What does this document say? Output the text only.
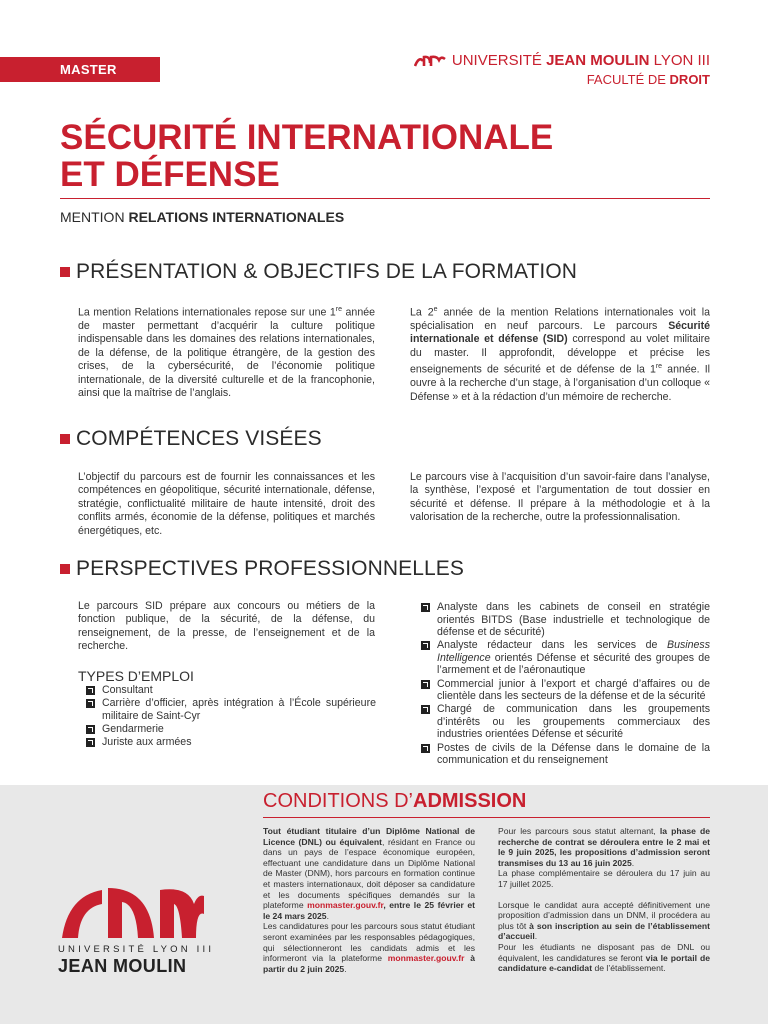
MASTER
UNIVERSITÉ JEAN MOULIN LYON III
FACULTÉ DE DROIT
SÉCURITÉ INTERNATIONALE
ET DÉFENSE
MENTION RELATIONS INTERNATIONALES
PRÉSENTATION & OBJECTIFS DE LA FORMATION

La mention Relations internationales repose sur une 1re année de master permettant d’acquérir la culture politique indispensable dans les domaines des relations internationales, de la défense, de la politique étrangère, de la gestion des crises, de la cybersécurité, de l’économie politique internationale, de la diversité culturelle et de la francophonie, ainsi que la maîtrise de l’anglais.

La 2e année de la mention Relations internationales voit la spécialisation en neuf parcours. Le parcours Sécurité internationale et défense (SID) correspond au volet militaire du master. Il approfondit, développe et précise les enseignements de sécurité et de défense de la 1re année. Il ouvre à la recherche d’un stage, à l’organisation d’un colloque « Défense » et à la rédaction d’un mémoire de recherche.

COMPÉTENCES VISÉES

L’objectif du parcours est de fournir les connaissances et les compétences en géopolitique, sécurité internationale, défense, stratégie, conflictualité militaire de haute intensité, droit des conflits armés, économie de la défense, politiques et marchés énergétiques, etc.

Le parcours vise à l’acquisition d’un savoir-faire dans l’analyse, la synthèse, l’exposé et l’argumentation de tout dossier en sécurité et défense. Il prépare à la méthodologie et à la valorisation de la recherche, outre la professionnalisation.

PERSPECTIVES PROFESSIONNELLES

Le parcours SID prépare aux concours ou métiers de la fonction publique, de la sécurité, de la défense, du renseignement, de la presse, de l’enseignement et de la recherche.

TYPES D’EMPLOI
Consultant
Carrière d’officier, après intégration à l’École supérieure militaire de Saint-Cyr
Gendarmerie
Juriste aux armées
Analyste dans les cabinets de conseil en stratégie orientés BITDS (Base industrielle et technologique de défense et de sécurité)
Analyste rédacteur dans les services de Business Intelligence orientés Défense et sécurité des groupes de l’armement et de l’aéronautique
Commercial junior à l’export et chargé d’affaires ou de clientèle dans les secteurs de la défense et de la sécurité
Chargé de communication dans les groupements d’intérêts ou les groupements commerciaux des industries orientées Défense et sécurité
Postes de civils de la Défense dans le domaine de la communication et du renseignement
CONDITIONS D’ADMISSION

Tout étudiant titulaire d’un Diplôme National de Licence (DNL) ou équivalent, résidant en France ou dans un pays de l’espace économique européen, effectuant une candidature dans un Diplôme National de Master (DNM), hors parcours en formation continue et masters internationaux, doit déposer sa candidature et les documents spécifiques demandés sur la plateforme monmaster.gouv.fr, entre le 25 février et le 24 mars 2025.

Les candidatures pour les parcours sous statut étudiant seront examinées par les responsables pédagogiques, qui sélectionneront les candidats admis et les informeront via la plateforme monmaster.gouv.fr à partir du 2 juin 2025.

Pour les parcours sous statut alternant, la phase de recherche de contrat se déroulera entre le 2 mai et le 9 juin 2025, les propositions d’admission seront transmises du 13 au 16 juin 2025.

La phase complémentaire se déroulera du 17 juin au 17 juillet 2025.

Lorsque le candidat aura accepté définitivement une proposition d’admission dans un DNM, il procédera au plus tôt à son inscription au sein de l’établissement d’accueil.

Pour les étudiants ne disposant pas de DNL ou équivalent, les candidatures se feront via le portail de candidature e-candidat de l’établissement.

UNIVERSITÉ LYON III
JEAN MOULIN
